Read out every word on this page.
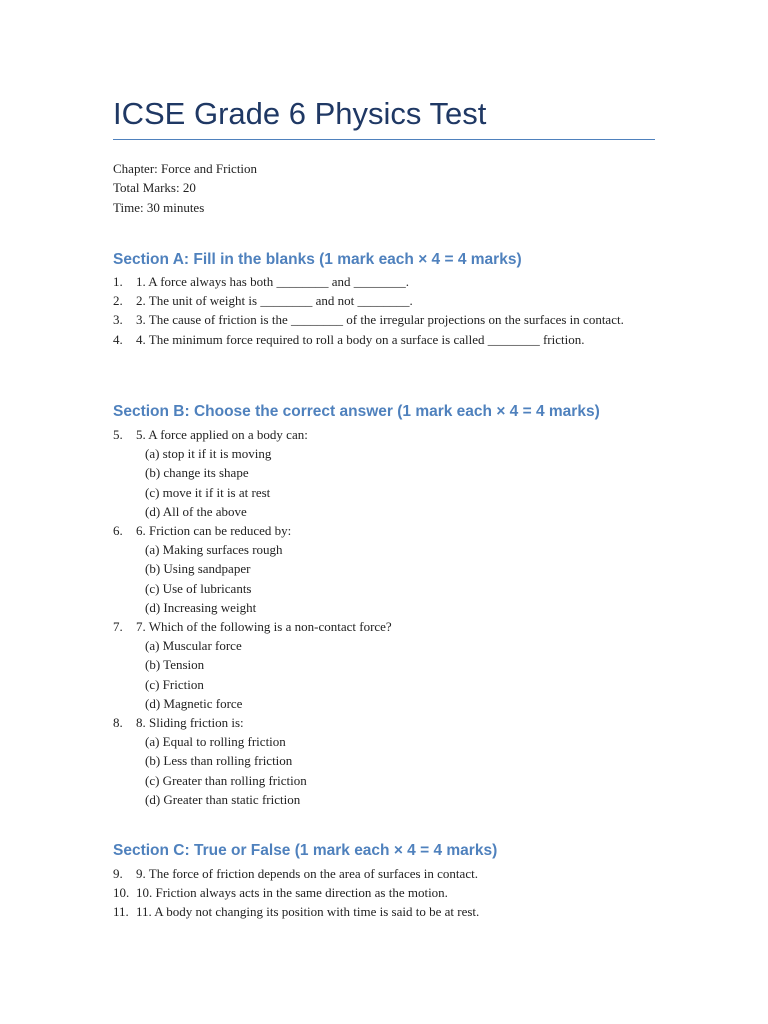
ICSE Grade 6 Physics Test
Chapter: Force and Friction
Total Marks: 20
Time: 30 minutes
Section A: Fill in the blanks (1 mark each × 4 = 4 marks)
1. 1. A force always has both ________ and ________.
2. 2. The unit of weight is ________ and not ________.
3. 3. The cause of friction is the ________ of the irregular projections on the surfaces in contact.
4. 4. The minimum force required to roll a body on a surface is called ________ friction.
Section B: Choose the correct answer (1 mark each × 4 = 4 marks)
5. 5. A force applied on a body can:
(a) stop it if it is moving
(b) change its shape
(c) move it if it is at rest
(d) All of the above
6. 6. Friction can be reduced by:
(a) Making surfaces rough
(b) Using sandpaper
(c) Use of lubricants
(d) Increasing weight
7. 7. Which of the following is a non-contact force?
(a) Muscular force
(b) Tension
(c) Friction
(d) Magnetic force
8. 8. Sliding friction is:
(a) Equal to rolling friction
(b) Less than rolling friction
(c) Greater than rolling friction
(d) Greater than static friction
Section C: True or False (1 mark each × 4 = 4 marks)
9. 9. The force of friction depends on the area of surfaces in contact.
10. 10. Friction always acts in the same direction as the motion.
11. 11. A body not changing its position with time is said to be at rest.
